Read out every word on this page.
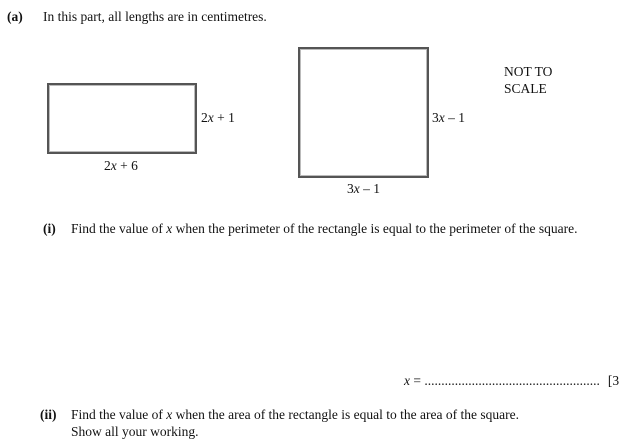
(a) In this part, all lengths are in centimetres.
2x + 1
2x + 6
3x – 1
3x – 1
NOT TO
SCALE
(i) Find the value of x when the perimeter of the rectangle is equal to the perimeter of the square.
x = .................................................... [3
(ii) Find the value of x when the area of the rectangle is equal to the area of the square.
Show all your working.
